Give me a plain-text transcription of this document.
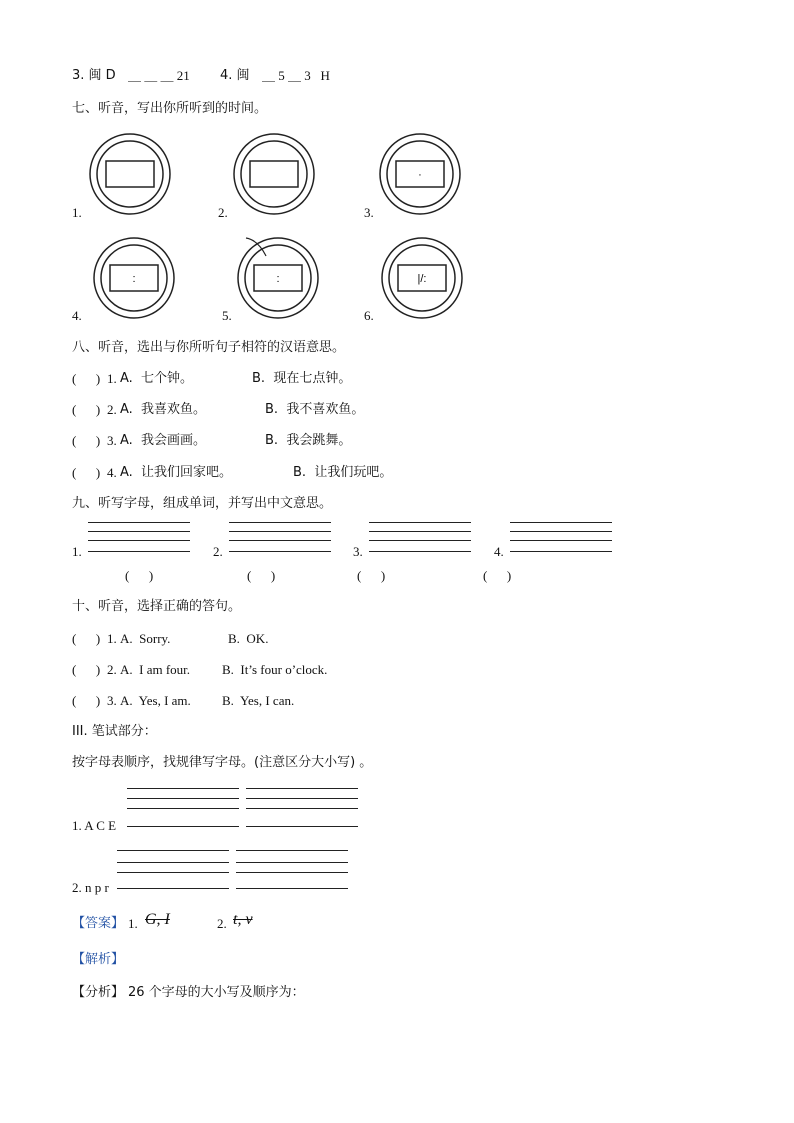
3. 闽 D ＿ ＿ ＿ 21 4. 闽 ＿ 5 ＿ 3   H
七、听音，写出你所听到的时间。
·
1.	2.	3.
:	:	|/:
4.	5.	6.
八、听音，选出与你所听句子相符的汉语意思。
(      ) 1. A.  七个钟。	B.  现在七点钟。
(      ) 2. A.  我喜欢鱼。	B.  我不喜欢鱼。
(      ) 3. A.  我会画画。	B.  我会跳舞。
(      ) 4. A.  让我们回家吧。	B.  让我们玩吧。
九、听写字母，组成单词，并写出中文意思。
1.	2.	3.	4.
(      )	(      )	(      )	(      )
十、听音，选择正确的答句。
(      ) 1. A.  Sorry.	B.  OK.
(      ) 2. A.  I am four. B.  It’s four o’clock.
(      ) 3. A.  Yes, I am. B.  Yes, I can.
III. 笔试部分：
按字母表顺序，找规律写字母。(注意区分大小写) 。
1. A C E
2. n p r
【答案】 1. G, I	2. t, v
【解析】
【分析】 26 个字母的大小写及顺序为：
